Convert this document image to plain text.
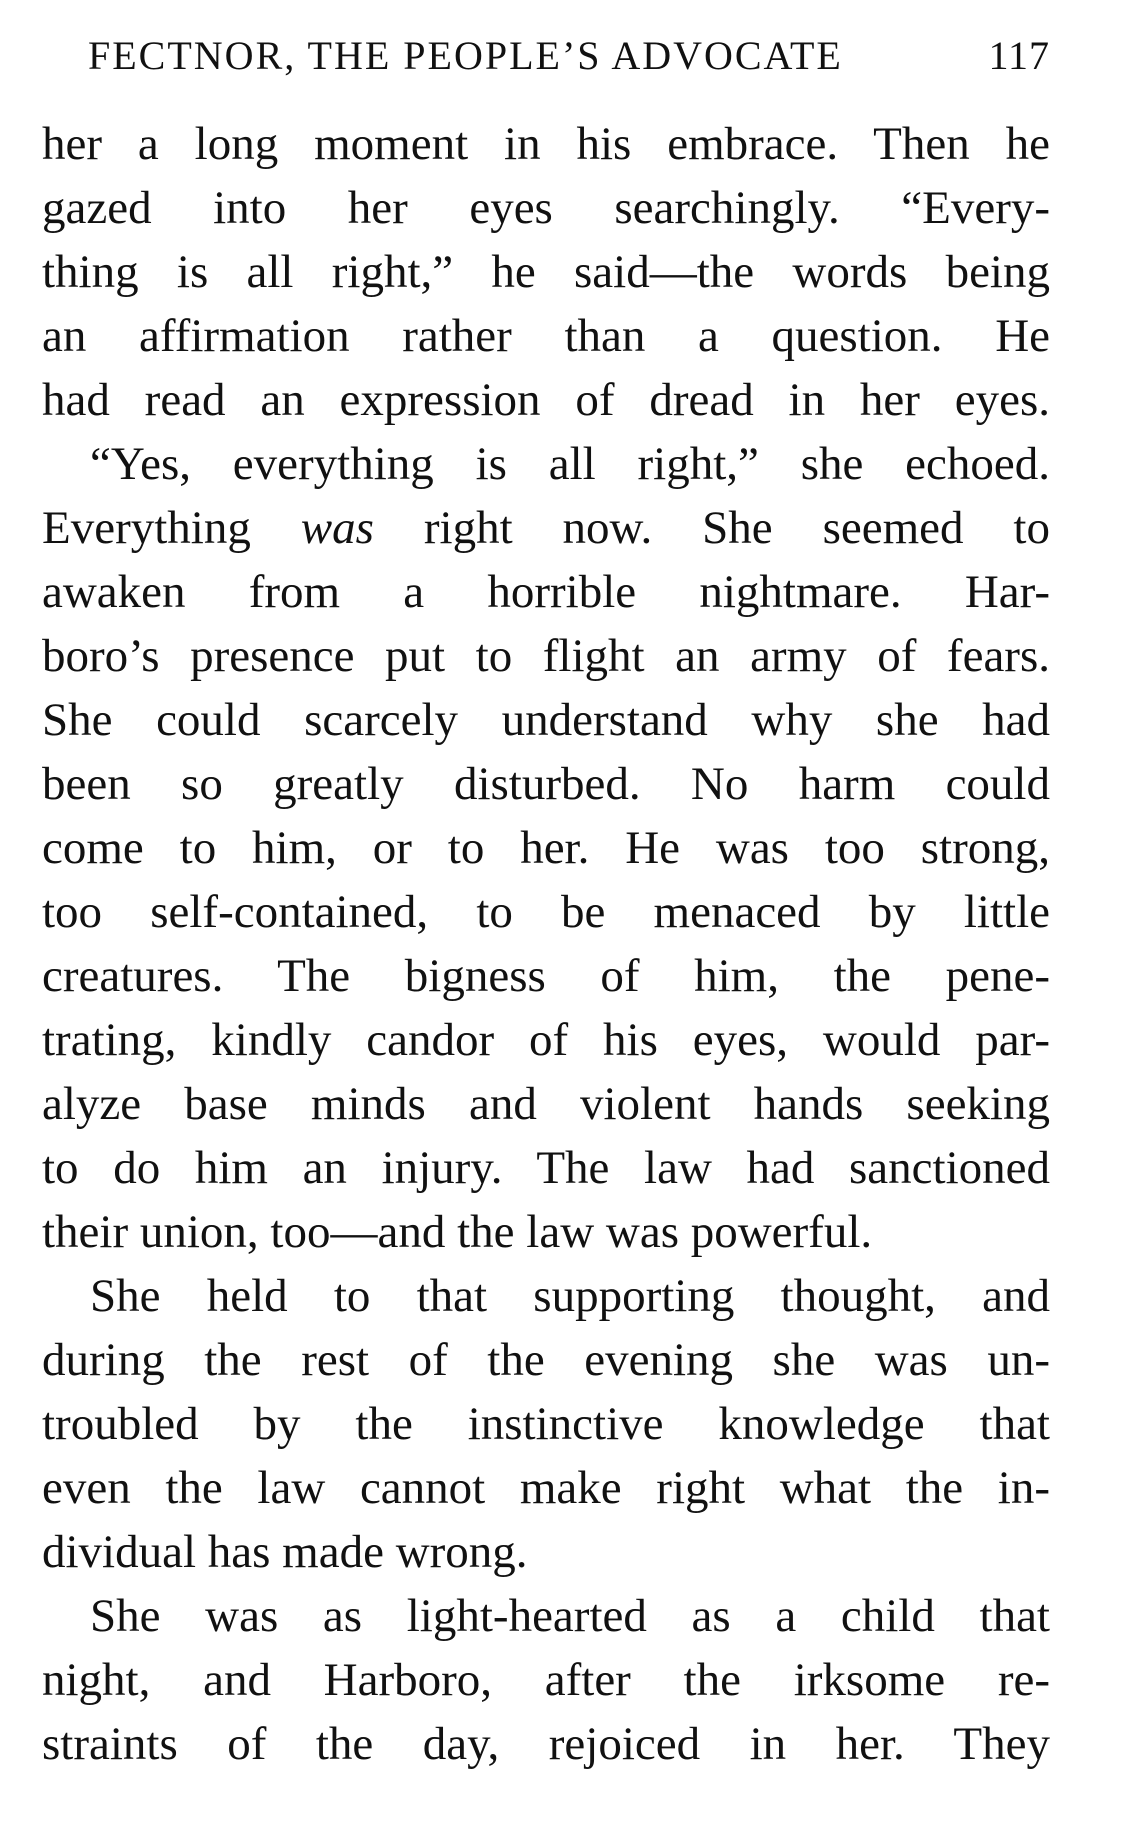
FECTNOR, THE PEOPLE’S ADVOCATE	117
her a long moment in his embrace. Then he
gazed into her eyes searchingly. “Every-
thing is all right,” he said—the words being
an affirmation rather than a question. He
had read an expression of dread in her eyes.
“Yes, everything is all right,” she echoed.
Everything was right now. She seemed to
awaken from a horrible nightmare. Har-
boro’s presence put to flight an army of fears.
She could scarcely understand why she had
been so greatly disturbed. No harm could
come to him, or to her. He was too strong,
too self-contained, to be menaced by little
creatures. The bigness of him, the pene-
trating, kindly candor of his eyes, would par-
alyze base minds and violent hands seeking
to do him an injury. The law had sanctioned
their union, too—and the law was powerful.
She held to that supporting thought, and
during the rest of the evening she was un-
troubled by the instinctive knowledge that
even the law cannot make right what the in-
dividual has made wrong.
She was as light-hearted as a child that
night, and Harboro, after the irksome re-
straints of the day, rejoiced in her. They
